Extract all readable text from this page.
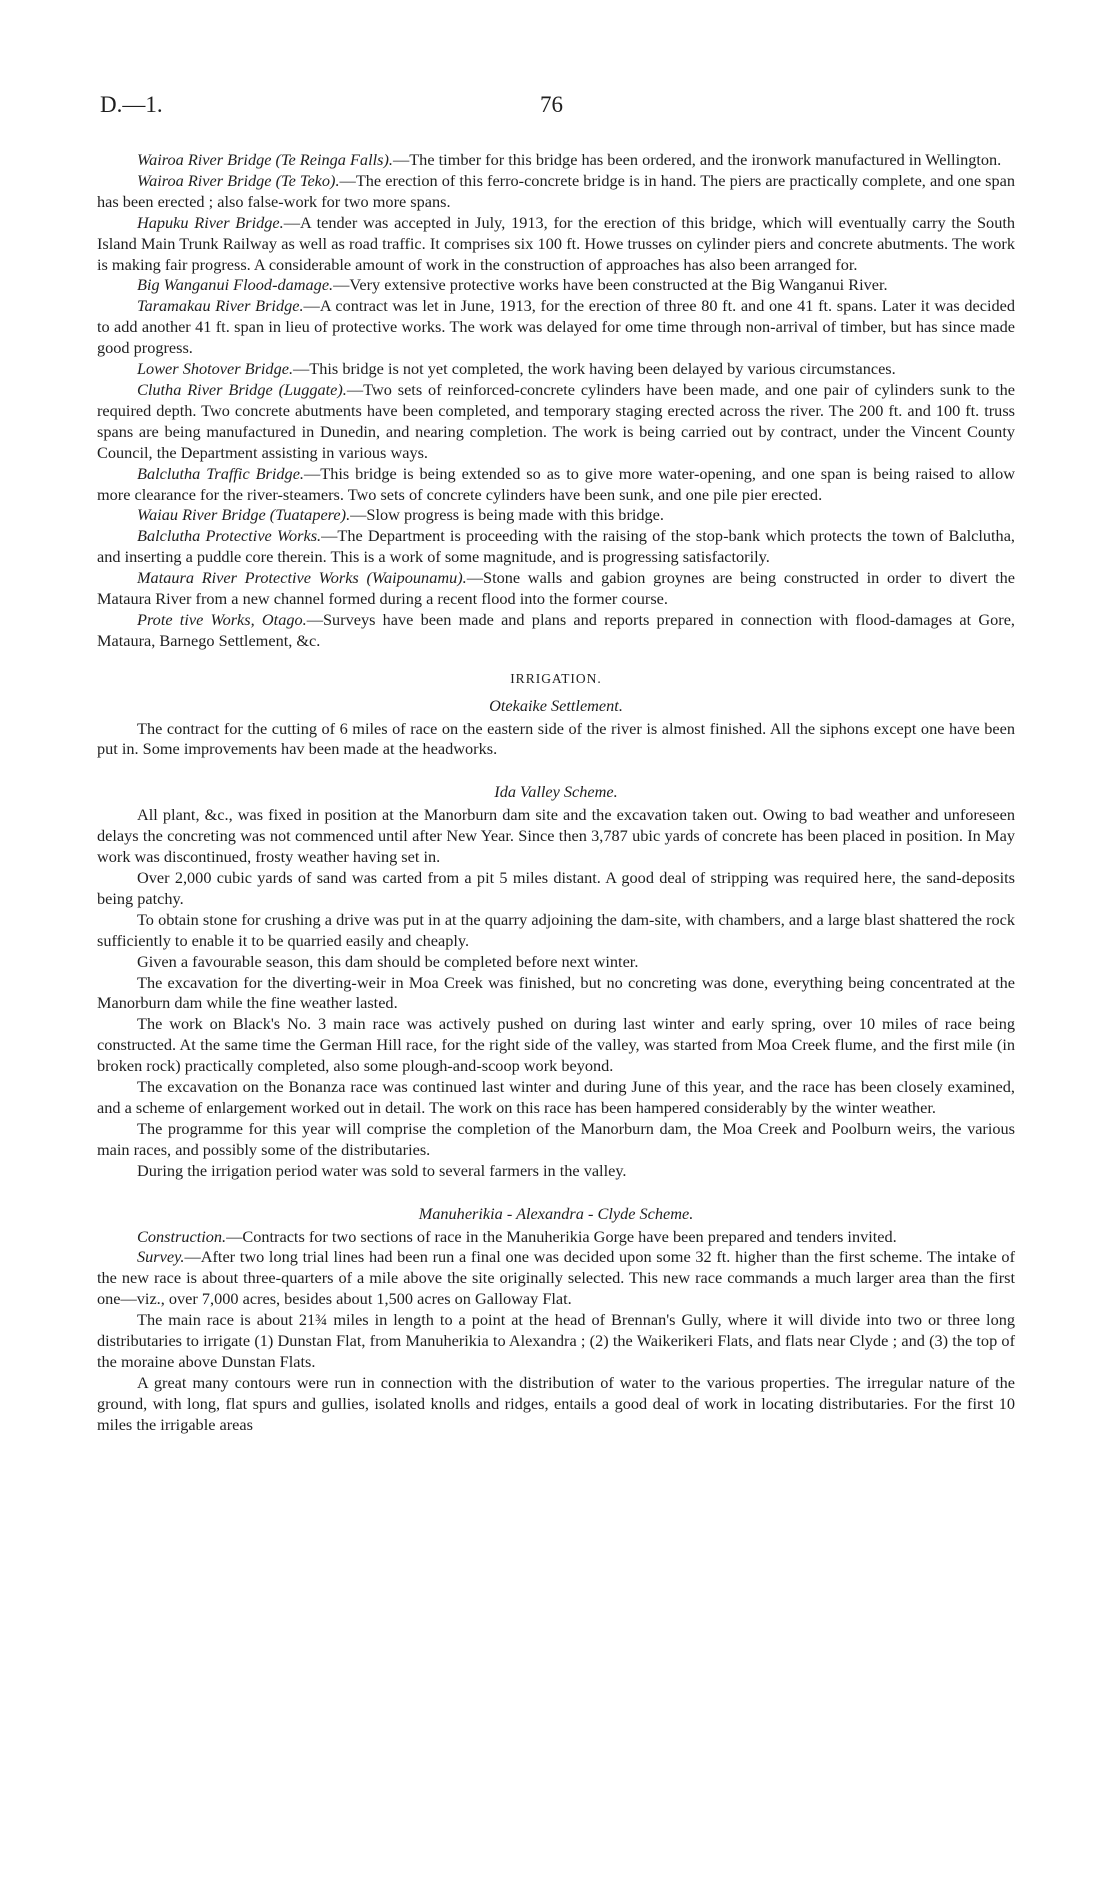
D.—1.	76

Wairoa River Bridge (Te Reinga Falls).—The timber for this bridge has been ordered, and the ironwork manufactured in Wellington.

Wairoa River Bridge (Te Teko).—The erection of this ferro-concrete bridge is in hand. The piers are practically complete, and one span has been erected ; also false-work for two more spans.

Hapuku River Bridge.—A tender was accepted in July, 1913, for the erection of this bridge, which will eventually carry the South Island Main Trunk Railway as well as road traffic. It comprises six 100 ft. Howe trusses on cylinder piers and concrete abutments. The work is making fair progress. A considerable amount of work in the construction of approaches has also been arranged for.

Big Wanganui Flood-damage.—Very extensive protective works have been constructed at the Big Wanganui River.

Taramakau River Bridge.—A contract was let in June, 1913, for the erection of three 80 ft. and one 41 ft. spans. Later it was decided to add another 41 ft. span in lieu of protective works. The work was delayed for ome time through non-arrival of timber, but has since made good progress.

Lower Shotover Bridge.—This bridge is not yet completed, the work having been delayed by various circumstances.

Clutha River Bridge (Luggate).—Two sets of reinforced-concrete cylinders have been made, and one pair of cylinders sunk to the required depth. Two concrete abutments have been completed, and temporary staging erected across the river. The 200 ft. and 100 ft. truss spans are being manufactured in Dunedin, and nearing completion. The work is being carried out by contract, under the Vincent County Council, the Department assisting in various ways.

Balclutha Traffic Bridge.—This bridge is being extended so as to give more water-opening, and one span is being raised to allow more clearance for the river-steamers. Two sets of concrete cylinders have been sunk, and one pile pier erected.

Waiau River Bridge (Tuatapere).—Slow progress is being made with this bridge.

Balclutha Protective Works.—The Department is proceeding with the raising of the stop-bank which protects the town of Balclutha, and inserting a puddle core therein. This is a work of some magnitude, and is progressing satisfactorily.

Mataura River Protective Works (Waipounamu).—Stone walls and gabion groynes are being constructed in order to divert the Mataura River from a new channel formed during a recent flood into the former course.

Prote tive Works, Otago.—Surveys have been made and plans and reports prepared in connection with flood-damages at Gore, Mataura, Barnego Settlement, &c.

IRRIGATION.
Otekaike Settlement.

The contract for the cutting of 6 miles of race on the eastern side of the river is almost finished. All the siphons except one have been put in. Some improvements hav been made at the headworks.

Ida Valley Scheme.

All plant, &c., was fixed in position at the Manorburn dam site and the excavation taken out. Owing to bad weather and unforeseen delays the concreting was not commenced until after New Year. Since then 3,787 ubic yards of concrete has been placed in position. In May work was discontinued, frosty weather having set in.

Over 2,000 cubic yards of sand was carted from a pit 5 miles distant. A good deal of stripping was required here, the sand-deposits being patchy.

To obtain stone for crushing a drive was put in at the quarry adjoining the dam-site, with chambers, and a large blast shattered the rock sufficiently to enable it to be quarried easily and cheaply.

Given a favourable season, this dam should be completed before next winter.

The excavation for the diverting-weir in Moa Creek was finished, but no concreting was done, everything being concentrated at the Manorburn dam while the fine weather lasted.

The work on Black's No. 3 main race was actively pushed on during last winter and early spring, over 10 miles of race being constructed. At the same time the German Hill race, for the right side of the valley, was started from Moa Creek flume, and the first mile (in broken rock) practically completed, also some plough-and-scoop work beyond.

The excavation on the Bonanza race was continued last winter and during June of this year, and the race has been closely examined, and a scheme of enlargement worked out in detail. The work on this race has been hampered considerably by the winter weather.

The programme for this year will comprise the completion of the Manorburn dam, the Moa Creek and Poolburn weirs, the various main races, and possibly some of the distributaries.

During the irrigation period water was sold to several farmers in the valley.

Manuherikia - Alexandra - Clyde Scheme.

Construction.—Contracts for two sections of race in the Manuherikia Gorge have been prepared and tenders invited.

Survey.—After two long trial lines had been run a final one was decided upon some 32 ft. higher than the first scheme. The intake of the new race is about three-quarters of a mile above the site originally selected. This new race commands a much larger area than the first one—viz., over 7,000 acres, besides about 1,500 acres on Galloway Flat.

The main race is about 21¾ miles in length to a point at the head of Brennan's Gully, where it will divide into two or three long distributaries to irrigate (1) Dunstan Flat, from Manuherikia to Alexandra ; (2) the Waikerikeri Flats, and flats near Clyde ; and (3) the top of the moraine above Dunstan Flats.

A great many contours were run in connection with the distribution of water to the various properties. The irregular nature of the ground, with long, flat spurs and gullies, isolated knolls and ridges, entails a good deal of work in locating distributaries. For the first 10 miles the irrigable areas
